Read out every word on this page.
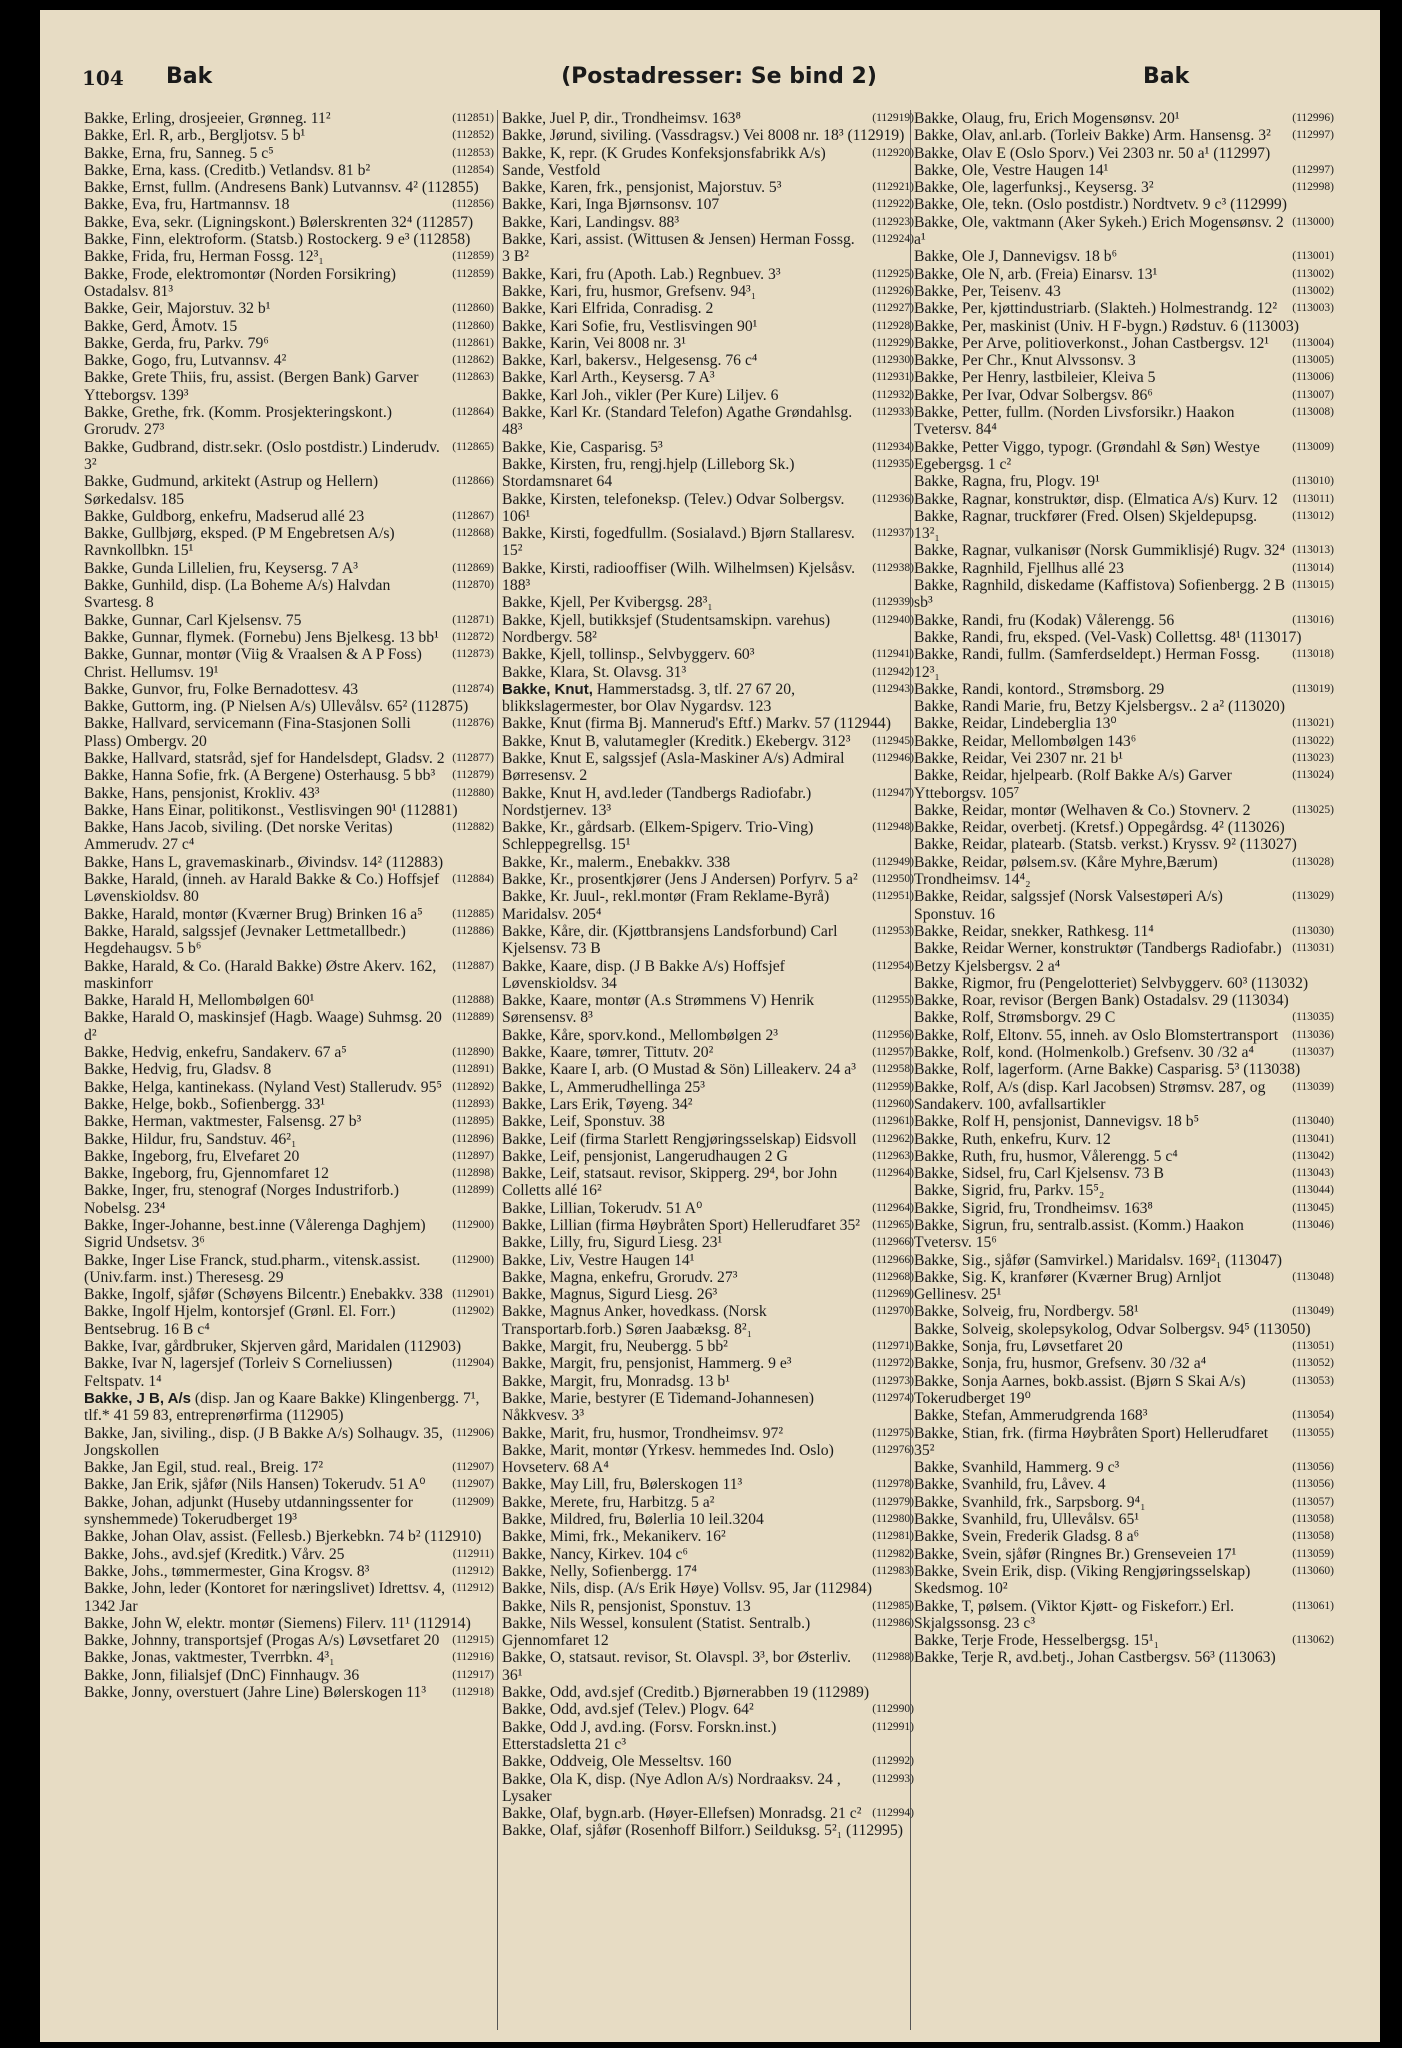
104 Bak	(Postadresser: Se bind 2)	Bak
(112851)
Bakke, Erling, drosjeeier, Grønneg. 11²
(112852)
Bakke, Erl. R, arb., Bergljotsv. 5 b¹
(112853)
Bakke, Erna, fru, Sanneg. 5 c⁵
(112854)
Bakke, Erna, kass. (Creditb.) Vetlandsv. 81 b²
Bakke, Ernst, fullm. (Andresens Bank) Lutvannsv. 4² (112855)
(112856)
Bakke, Eva, fru, Hartmannsv. 18
Bakke, Eva, sekr. (Ligningskont.) Bølerskrenten 32⁴ (112857)
Bakke, Finn, elektroform. (Statsb.) Rostockerg. 9 e³ (112858)
(112859)
Bakke, Frida, fru, Herman Fossg. 12³₁
(112859)
Bakke, Frode, elektromontør (Norden Forsikring) Ostadalsv. 81³
(112860)
Bakke, Geir, Majorstuv. 32 b¹
(112860)
Bakke, Gerd, Åmotv. 15
(112861)
Bakke, Gerda, fru, Parkv. 79⁶
(112862)
Bakke, Gogo, fru, Lutvannsv. 4²
(112863)
Bakke, Grete Thiis, fru, assist. (Bergen Bank) Garver Ytteborgsv. 139³
(112864)
Bakke, Grethe, frk. (Komm. Prosjekteringskont.) Grorudv. 27³
(112865)
Bakke, Gudbrand, distr.sekr. (Oslo postdistr.) Linderudv. 3²
(112866)
Bakke, Gudmund, arkitekt (Astrup og Hellern) Sørkedalsv. 185
(112867)
Bakke, Guldborg, enkefru, Madserud allé 23
(112868)
Bakke, Gullbjørg, eksped. (P M Engebretsen A/s) Ravnkollbkn. 15¹
(112869)
Bakke, Gunda Lillelien, fru, Keysersg. 7 A³
(112870)
Bakke, Gunhild, disp. (La Boheme A/s) Halvdan Svartesg. 8
(112871)
Bakke, Gunnar, Carl Kjelsensv. 75
(112872)
Bakke, Gunnar, flymek. (Fornebu) Jens Bjelkesg. 13 bb¹
(112873)
Bakke, Gunnar, montør (Viig & Vraalsen & A P Foss) Christ. Hellumsv. 19¹
(112874)
Bakke, Gunvor, fru, Folke Bernadottesv. 43
Bakke, Guttorm, ing. (P Nielsen A/s) Ullevålsv. 65² (112875)
(112876)
Bakke, Hallvard, servicemann (Fina-Stasjonen Solli Plass) Ombergv. 20
(112877)
Bakke, Hallvard, statsråd, sjef for Handelsdept, Gladsv. 2
(112879)
Bakke, Hanna Sofie, frk. (A Bergene) Osterhausg. 5 bb³
(112880)
Bakke, Hans, pensjonist, Krokliv. 43³
Bakke, Hans Einar, politikonst., Vestlisvingen 90¹ (112881)
(112882)
Bakke, Hans Jacob, siviling. (Det norske Veritas) Ammerudv. 27 c⁴
Bakke, Hans L, gravemaskinarb., Øivindsv. 14² (112883)
(112884)
Bakke, Harald, (inneh. av Harald Bakke & Co.) Hoffsjef Løvenskioldsv. 80
(112885)
Bakke, Harald, montør (Kværner Brug) Brinken 16 a⁵
(112886)
Bakke, Harald, salgssjef (Jevnaker Lettmetallbedr.) Hegdehaugsv. 5 b⁶
(112887)
Bakke, Harald, & Co. (Harald Bakke) Østre Akerv. 162, maskinforr
(112888)
Bakke, Harald H, Mellombølgen 60¹
(112889)
Bakke, Harald O, maskinsjef (Hagb. Waage) Suhmsg. 20 d²
(112890)
Bakke, Hedvig, enkefru, Sandakerv. 67 a⁵
(112891)
Bakke, Hedvig, fru, Gladsv. 8
(112892)
Bakke, Helga, kantinekass. (Nyland Vest) Stallerudv. 95⁵
(112893)
Bakke, Helge, bokb., Sofienbergg. 33¹
(112895)
Bakke, Herman, vaktmester, Falsensg. 27 b³
(112896)
Bakke, Hildur, fru, Sandstuv. 46²₁
(112897)
Bakke, Ingeborg, fru, Elvefaret 20
(112898)
Bakke, Ingeborg, fru, Gjennomfaret 12
(112899)
Bakke, Inger, fru, stenograf (Norges Industriforb.) Nobelsg. 23⁴
(112900)
Bakke, Inger-Johanne, best.inne (Vålerenga Daghjem) Sigrid Undsetsv. 3⁶
(112900)
Bakke, Inger Lise Franck, stud.pharm., vitensk.assist. (Univ.farm. inst.) Theresesg. 29
(112901)
Bakke, Ingolf, sjåfør (Schøyens Bilcentr.) Enebakkv. 338
(112902)
Bakke, Ingolf Hjelm, kontorsjef (Grønl. El. Forr.) Bentsebrug. 16 B c⁴
Bakke, Ivar, gårdbruker, Skjerven gård, Maridalen (112903)
(112904)
Bakke, Ivar N, lagersjef (Torleiv S Corneliussen) Feltspatv. 1⁴
Bakke, J B, A/s (disp. Jan og Kaare Bakke) Klingenbergg. 7¹, tlf.* 41 59 83, entreprenørfirma (112905)
(112906)
Bakke, Jan, siviling., disp. (J B Bakke A/s) Solhaugv. 35, Jongskollen
(112907)
Bakke, Jan Egil, stud. real., Breig. 17²
(112907)
Bakke, Jan Erik, sjåfør (Nils Hansen) Tokerudv. 51 A⁰
(112909)
Bakke, Johan, adjunkt (Huseby utdanningssenter for synshemmede) Tokerudberget 19³
Bakke, Johan Olav, assist. (Fellesb.) Bjerkebkn. 74 b² (112910)
(112911)
Bakke, Johs., avd.sjef (Kreditk.) Vårv. 25
(112912)
Bakke, Johs., tømmermester, Gina Krogsv. 8³
(112912)
Bakke, John, leder (Kontoret for næringslivet) Idrettsv. 4, 1342 Jar
Bakke, John W, elektr. montør (Siemens) Filerv. 11¹ (112914)
(112915)
Bakke, Johnny, transportsjef (Progas A/s) Løvsetfaret 20
(112916)
Bakke, Jonas, vaktmester, Tverrbkn. 4³₁
(112917)
Bakke, Jonn, filialsjef (DnC) Finnhaugv. 36
(112918)
Bakke, Jonny, overstuert (Jahre Line) Bølerskogen 11³
(112919)
Bakke, Juel P, dir., Trondheimsv. 163⁸
Bakke, Jørund, siviling. (Vassdragsv.) Vei 8008 nr. 18³ (112919)
(112920)
Bakke, K, repr. (K Grudes Konfeksjonsfabrikk A/s) Sande, Vestfold
(112921)
Bakke, Karen, frk., pensjonist, Majorstuv. 5³
(112922)
Bakke, Kari, Inga Bjørnsonsv. 107
(112923)
Bakke, Kari, Landingsv. 88³
(112924)
Bakke, Kari, assist. (Wittusen & Jensen) Herman Fossg. 3 B²
(112925)
Bakke, Kari, fru (Apoth. Lab.) Regnbuev. 3³
(112926)
Bakke, Kari, fru, husmor, Grefsenv. 94³₁
(112927)
Bakke, Kari Elfrida, Conradisg. 2
(112928)
Bakke, Kari Sofie, fru, Vestlisvingen 90¹
(112929)
Bakke, Karin, Vei 8008 nr. 3¹
(112930)
Bakke, Karl, bakersv., Helgesensg. 76 c⁴
(112931)
Bakke, Karl Arth., Keysersg. 7 A³
(112932)
Bakke, Karl Joh., vikler (Per Kure) Liljev. 6
(112933)
Bakke, Karl Kr. (Standard Telefon) Agathe Grøndahlsg. 48³
(112934)
Bakke, Kie, Casparisg. 5³
(112935)
Bakke, Kirsten, fru, rengj.hjelp (Lilleborg Sk.) Stordamsnaret 64
(112936)
Bakke, Kirsten, telefoneksp. (Telev.) Odvar Solbergsv. 106¹
(112937)
Bakke, Kirsti, fogedfullm. (Sosialavd.) Bjørn Stallaresv. 15²
(112938)
Bakke, Kirsti, radiooffiser (Wilh. Wilhelmsen) Kjelsåsv. 188³
(112939)
Bakke, Kjell, Per Kvibergsg. 28³₁
(112940)
Bakke, Kjell, butikksjef (Studentsamskipn. varehus) Nordbergv. 58²
(112941)
Bakke, Kjell, tollinsp., Selvbyggerv. 60³
(112942)
Bakke, Klara, St. Olavsg. 31³
(112943)
Bakke, Knut, Hammerstadsg. 3, tlf. 27 67 20, blikkslagermester, bor Olav Nygardsv. 123
Bakke, Knut (firma Bj. Mannerud's Eftf.) Markv. 57 (112944)
(112945)
Bakke, Knut B, valutamegler (Kreditk.) Ekebergv. 312³
(112946)
Bakke, Knut E, salgssjef (Asla-Maskiner A/s) Admiral Børresensv. 2
(112947)
Bakke, Knut H, avd.leder (Tandbergs Radiofabr.) Nordstjernev. 13³
(112948)
Bakke, Kr., gårdsarb. (Elkem-Spigerv. Trio-Ving) Schleppegrellsg. 15¹
(112949)
Bakke, Kr., malerm., Enebakkv. 338
(112950)
Bakke, Kr., prosentkjører (Jens J Andersen) Porfyrv. 5 a²
(112951)
Bakke, Kr. Juul-, rekl.montør (Fram Reklame-Byrå) Maridalsv. 205⁴
(112953)
Bakke, Kåre, dir. (Kjøttbransjens Landsforbund) Carl Kjelsensv. 73 B
(112954)
Bakke, Kaare, disp. (J B Bakke A/s) Hoffsjef Løvenskioldsv. 34
(112955)
Bakke, Kaare, montør (A.s Strømmens V) Henrik Sørensensv. 8³
(112956)
Bakke, Kåre, sporv.kond., Mellombølgen 2³
(112957)
Bakke, Kaare, tømrer, Tittutv. 20²
(112958)
Bakke, Kaare I, arb. (O Mustad & Sön) Lilleakerv. 24 a³
(112959)
Bakke, L, Ammerudhellinga 25³
(112960)
Bakke, Lars Erik, Tøyeng. 34²
(112961)
Bakke, Leif, Sponstuv. 38
(112962)
Bakke, Leif (firma Starlett Rengjøringsselskap) Eidsvoll
(112963)
Bakke, Leif, pensjonist, Langerudhaugen 2 G
(112964)
Bakke, Leif, statsaut. revisor, Skipperg. 29⁴, bor John Colletts allé 16²
(112964)
Bakke, Lillian, Tokerudv. 51 A⁰
(112965)
Bakke, Lillian (firma Høybråten Sport) Hellerudfaret 35²
(112966)
Bakke, Lilly, fru, Sigurd Liesg. 23¹
(112966)
Bakke, Liv, Vestre Haugen 14¹
(112968)
Bakke, Magna, enkefru, Grorudv. 27³
(112969)
Bakke, Magnus, Sigurd Liesg. 26³
(112970)
Bakke, Magnus Anker, hovedkass. (Norsk Transportarb.forb.) Søren Jaabæksg. 8²₁
(112971)
Bakke, Margit, fru, Neubergg. 5 bb²
(112972)
Bakke, Margit, fru, pensjonist, Hammerg. 9 e³
(112973)
Bakke, Margit, fru, Monradsg. 13 b¹
(112974)
Bakke, Marie, bestyrer (E Tidemand-Johannesen) Nåkkvesv. 3³
(112975)
Bakke, Marit, fru, husmor, Trondheimsv. 97²
(112976)
Bakke, Marit, montør (Yrkesv. hemmedes Ind. Oslo) Hovseterv. 68 A⁴
(112978)
Bakke, May Lill, fru, Bølerskogen 11³
(112979)
Bakke, Merete, fru, Harbitzg. 5 a²
(112980)
Bakke, Mildred, fru, Bølerlia 10 leil.3204
(112981)
Bakke, Mimi, frk., Mekanikerv. 16²
(112982)
Bakke, Nancy, Kirkev. 104 c⁶
(112983)
Bakke, Nelly, Sofienbergg. 17⁴
Bakke, Nils, disp. (A/s Erik Høye) Vollsv. 95, Jar (112984)
(112985)
Bakke, Nils R, pensjonist, Sponstuv. 13
(112986)
Bakke, Nils Wessel, konsulent (Statist. Sentralb.) Gjennomfaret 12
(112988)
Bakke, O, statsaut. revisor, St. Olavspl. 3³, bor Østerliv. 36¹
Bakke, Odd, avd.sjef (Creditb.) Bjørnerabben 19 (112989)
(112990)
Bakke, Odd, avd.sjef (Telev.) Plogv. 64²
(112991)
Bakke, Odd J, avd.ing. (Forsv. Forskn.inst.) Etterstadsletta 21 c³
(112992)
Bakke, Oddveig, Ole Messeltsv. 160
(112993)
Bakke, Ola K, disp. (Nye Adlon A/s) Nordraaksv. 24 , Lysaker
(112994)
Bakke, Olaf, bygn.arb. (Høyer-Ellefsen) Monradsg. 21 c²
Bakke, Olaf, sjåfør (Rosenhoff Bilforr.) Seilduksg. 5²₁ (112995)
(112996)
Bakke, Olaug, fru, Erich Mogensønsv. 20¹
(112997)
Bakke, Olav, anl.arb. (Torleiv Bakke) Arm. Hansensg. 3²
Bakke, Olav E (Oslo Sporv.) Vei 2303 nr. 50 a¹ (112997)
(112997)
Bakke, Ole, Vestre Haugen 14¹
(112998)
Bakke, Ole, lagerfunksj., Keysersg. 3²
Bakke, Ole, tekn. (Oslo postdistr.) Nordtvetv. 9 c³ (112999)
(113000)
Bakke, Ole, vaktmann (Aker Sykeh.) Erich Mogensønsv. 2 a¹
(113001)
Bakke, Ole J, Dannevigsv. 18 b⁶
(113002)
Bakke, Ole N, arb. (Freia) Einarsv. 13¹
(113002)
Bakke, Per, Teisenv. 43
(113003)
Bakke, Per, kjøttindustriarb. (Slakteh.) Holmestrandg. 12²
Bakke, Per, maskinist (Univ. H F-bygn.) Rødstuv. 6 (113003)
(113004)
Bakke, Per Arve, politioverkonst., Johan Castbergsv. 12¹
(113005)
Bakke, Per Chr., Knut Alvssonsv. 3
(113006)
Bakke, Per Henry, lastbileier, Kleiva 5
(113007)
Bakke, Per Ivar, Odvar Solbergsv. 86⁶
(113008)
Bakke, Petter, fullm. (Norden Livsforsikr.) Haakon Tvetersv. 84⁴
(113009)
Bakke, Petter Viggo, typogr. (Grøndahl & Søn) Westye Egebergsg. 1 c²
(113010)
Bakke, Ragna, fru, Plogv. 19¹
(113011)
Bakke, Ragnar, konstruktør, disp. (Elmatica A/s) Kurv. 12
(113012)
Bakke, Ragnar, truckfører (Fred. Olsen) Skjeldерupsg. 13²₁
(113013)
Bakke, Ragnar, vulkanisør (Norsk Gummiklisjé) Rugv. 32⁴
(113014)
Bakke, Ragnhild, Fjellhus allé 23
(113015)
Bakke, Ragnhild, diskedame (Kaffistova) Sofienbergg. 2 B sb³
(113016)
Bakke, Randi, fru (Kodak) Vålerengg. 56
Bakke, Randi, fru, eksped. (Vel-Vask) Collettsg. 48¹ (113017)
(113018)
Bakke, Randi, fullm. (Samferdseldept.) Herman Fossg. 12³₁
(113019)
Bakke, Randi, kontord., Strømsborg. 29
Bakke, Randi Marie, fru, Betzy Kjelsbergsv.. 2 a² (113020)
(113021)
Bakke, Reidar, Lindeberglia 13⁰
(113022)
Bakke, Reidar, Mellombølgen 143⁶
(113023)
Bakke, Reidar, Vei 2307 nr. 21 b¹
(113024)
Bakke, Reidar, hjelpearb. (Rolf Bakke A/s) Garver Ytteborgsv. 105⁷
(113025)
Bakke, Reidar, montør (Welhaven & Co.) Stovnerv. 2
Bakke, Reidar, overbetj. (Kretsf.) Oppegårdsg. 4² (113026)
Bakke, Reidar, platearb. (Statsb. verkst.) Kryssv. 9² (113027)
(113028)
Bakke, Reidar, pølsem.sv. (Kåre Myhre,Bærum) Trondheimsv. 14⁴₂
(113029)
Bakke, Reidar, salgssjef (Norsk Valsestøperi A/s) Sponstuv. 16
(113030)
Bakke, Reidar, snekker, Rathkesg. 11⁴
(113031)
Bakke, Reidar Werner, konstruktør (Tandbergs Radiofabr.) Betzy Kjelsbergsv. 2 a⁴
Bakke, Rigmor, fru (Pengelotteriet) Selvbyggerv. 60³ (113032)
Bakke, Roar, revisor (Bergen Bank) Ostadalsv. 29 (113034)
(113035)
Bakke, Rolf, Strømsborgv. 29 C
(113036)
Bakke, Rolf, Eltonv. 55, inneh. av Oslo Blomstertransport
(113037)
Bakke, Rolf, kond. (Holmenkolb.) Grefsenv. 30 /32 a⁴
Bakke, Rolf, lagerform. (Arne Bakke) Casparisg. 5³ (113038)
(113039)
Bakke, Rolf, A/s (disp. Karl Jacobsen) Strømsv. 287, og Sandakerv. 100, avfallsartikler
(113040)
Bakke, Rolf H, pensjonist, Dannevigsv. 18 b⁵
(113041)
Bakke, Ruth, enkefru, Kurv. 12
(113042)
Bakke, Ruth, fru, husmor, Vålerengg. 5 c⁴
(113043)
Bakke, Sidsel, fru, Carl Kjelsensv. 73 B
(113044)
Bakke, Sigrid, fru, Parkv. 15⁵₂
(113045)
Bakke, Sigrid, fru, Trondheimsv. 163⁸
(113046)
Bakke, Sigrun, fru, sentralb.assist. (Komm.) Haakon Tvetersv. 15⁶
Bakke, Sig., sjåfør (Samvirkel.) Maridalsv. 169²₁ (113047)
(113048)
Bakke, Sig. K, kranfører (Kværner Brug) Arnljot Gellinesv. 25¹
(113049)
Bakke, Solveig, fru, Nordbergv. 58¹
Bakke, Solveig, skolepsykolog, Odvar Solbergsv. 94⁵ (113050)
(113051)
Bakke, Sonja, fru, Løvsetfaret 20
(113052)
Bakke, Sonja, fru, husmor, Grefsenv. 30 /32 a⁴
(113053)
Bakke, Sonja Aarnes, bokb.assist. (Bjørn S Skai A/s) Tokerudberget 19⁰
(113054)
Bakke, Stefan, Ammerudgrenda 168³
(113055)
Bakke, Stian, frk. (firma Høybråten Sport) Hellerudfaret 35²
(113056)
Bakke, Svanhild, Hammerg. 9 c³
(113056)
Bakke, Svanhild, fru, Låvev. 4
(113057)
Bakke, Svanhild, frk., Sarpsborg. 9⁴₁
(113058)
Bakke, Svanhild, fru, Ullevålsv. 65¹
(113058)
Bakke, Svein, Frederik Gladsg. 8 a⁶
(113059)
Bakke, Svein, sjåfør (Ringnes Br.) Grenseveien 17¹
(113060)
Bakke, Svein Erik, disp. (Viking Rengjøringsselskap) Skedsmog. 10²
(113061)
Bakke, T, pølsem. (Viktor Kjøtt- og Fiskeforr.) Erl. Skjalgssonsg. 23 c³
(113062)
Bakke, Terje Frode, Hesselbergsg. 15¹₁
Bakke, Terje R, avd.betj., Johan Castbergsv. 56³ (113063)
